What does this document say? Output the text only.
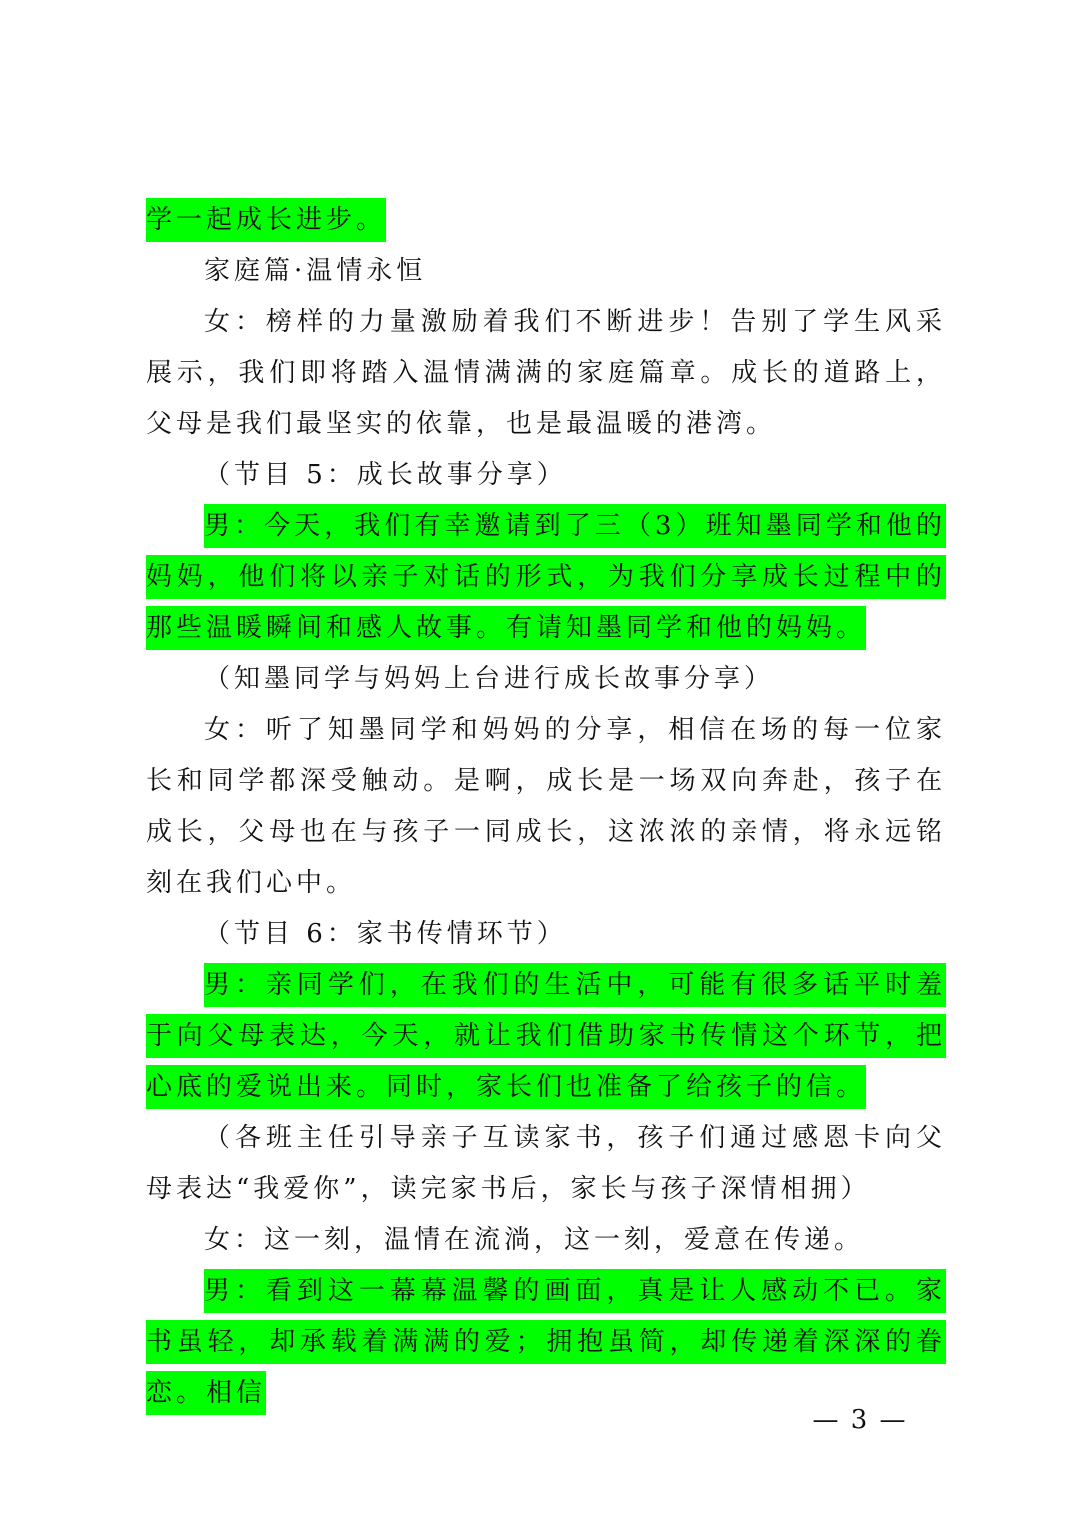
学一起成长进步。

家庭篇·温情永恒

女：榜样的力量激励着我们不断进步！告别了学生风采展示，我们即将踏入温情满满的家庭篇章。成长的道路上，父母是我们最坚实的依靠，也是最温暖的港湾。

（节目 5：成长故事分享）

男：今天，我们有幸邀请到了三（3）班知墨同学和他的妈妈，他们将以亲子对话的形式，为我们分享成长过程中的那些温暖瞬间和感人故事。有请知墨同学和他的妈妈。

（知墨同学与妈妈上台进行成长故事分享）

女：听了知墨同学和妈妈的分享，相信在场的每一位家长和同学都深受触动。是啊，成长是一场双向奔赴，孩子在成长，父母也在与孩子一同成长，这浓浓的亲情，将永远铭刻在我们心中。

（节目 6：家书传情环节）

男：亲同学们，在我们的生活中，可能有很多话平时羞于向父母表达，今天，就让我们借助家书传情这个环节，把心底的爱说出来。同时，家长们也准备了给孩子的信。

（各班主任引导亲子互读家书，孩子们通过感恩卡向父母表达“我爱你”，读完家书后，家长与孩子深情相拥）

女：这一刻，温情在流淌，这一刻，爱意在传递。

男：看到这一幕幕温馨的画面，真是让人感动不已。家书虽轻，却承载着满满的爱；拥抱虽简，却传递着深深的眷恋。相信

— 3 —
